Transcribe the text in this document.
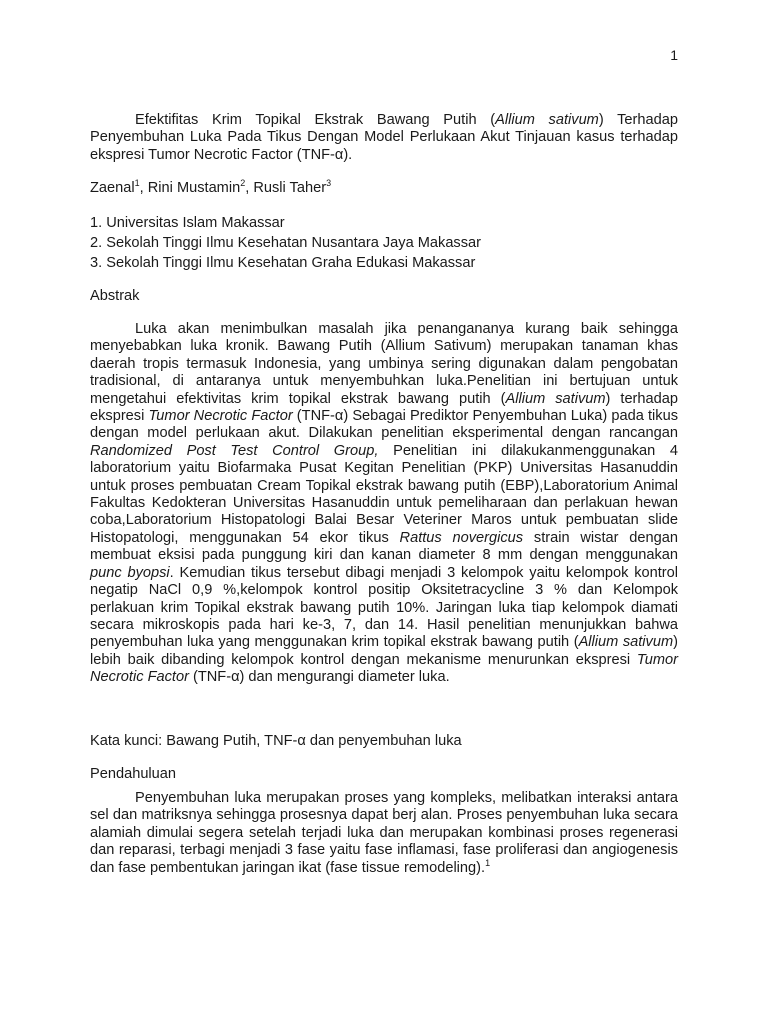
1

Efektifitas Krim Topikal Ekstrak Bawang Putih (Allium sativum) Terhadap Penyembuhan Luka Pada Tikus Dengan Model Perlukaan Akut Tinjauan kasus terhadap ekspresi Tumor Necrotic Factor (TNF-α).

Zaenal$^1$, Rini Mustamin$^2$, Rusli Taher$^3$

1. Universitas Islam Makassar

2. Sekolah Tinggi Ilmu Kesehatan Nusantara Jaya Makassar

3. Sekolah Tinggi Ilmu Kesehatan Graha Edukasi Makassar

Abstrak

Luka akan menimbulkan masalah jika penangananya kurang baik sehingga menyebabkan luka kronik. Bawang Putih (Allium Sativum) merupakan tanaman khas daerah tropis termasuk Indonesia, yang umbinya sering digunakan dalam pengobatan tradisional, di antaranya untuk menyembuhkan luka.Penelitian ini bertujuan untuk mengetahui efektivitas krim topikal ekstrak bawang putih (Allium sativum) terhadap ekspresi Tumor Necrotic Factor (TNF-α) Sebagai Prediktor Penyembuhan Luka) pada tikus dengan model perlukaan akut. Dilakukan penelitian eksperimental dengan rancangan Randomized Post Test Control Group, Penelitian ini dilakukanmenggunakan 4 laboratorium yaitu Biofarmaka Pusat Kegitan Penelitian (PKP) Universitas Hasanuddin untuk proses pembuatan Cream Topikal ekstrak bawang putih (EBP),Laboratorium Animal Fakultas Kedokteran Universitas Hasanuddin untuk pemeliharaan dan perlakuan hewan coba,Laboratorium Histopatologi Balai Besar Veteriner Maros untuk pembuatan slide Histopatologi, menggunakan 54 ekor tikus Rattus novergicus strain wistar dengan membuat eksisi pada punggung kiri dan kanan diameter 8 mm dengan menggunakan punc byopsi. Kemudian tikus tersebut dibagi menjadi 3 kelompok yaitu kelompok kontrol negatip NaCl 0,9 %,kelompok kontrol positip Oksitetracycline 3 % dan Kelompok perlakuan krim Topikal ekstrak bawang putih 10%. Jaringan luka tiap kelompok diamati secara mikroskopis pada hari ke-3, 7, dan 14. Hasil penelitian menunjukkan bahwa penyembuhan luka yang menggunakan krim topikal ekstrak bawang putih (Allium sativum) lebih baik dibanding kelompok kontrol dengan mekanisme menurunkan ekspresi Tumor Necrotic Factor (TNF-α) dan mengurangi diameter luka.

Kata kunci: Bawang Putih, TNF-α dan penyembuhan luka

Pendahuluan

Penyembuhan luka merupakan proses yang kompleks, melibatkan interaksi antara sel dan matriksnya sehingga prosesnya dapat berj alan. Proses penyembuhan luka secara alamiah dimulai segera setelah terjadi luka dan merupakan kombinasi proses regenerasi dan reparasi, terbagi menjadi 3 fase yaitu fase inflamasi, fase proliferasi dan angiogenesis dan fase pembentukan jaringan ikat (fase tissue remodeling).$^1$
